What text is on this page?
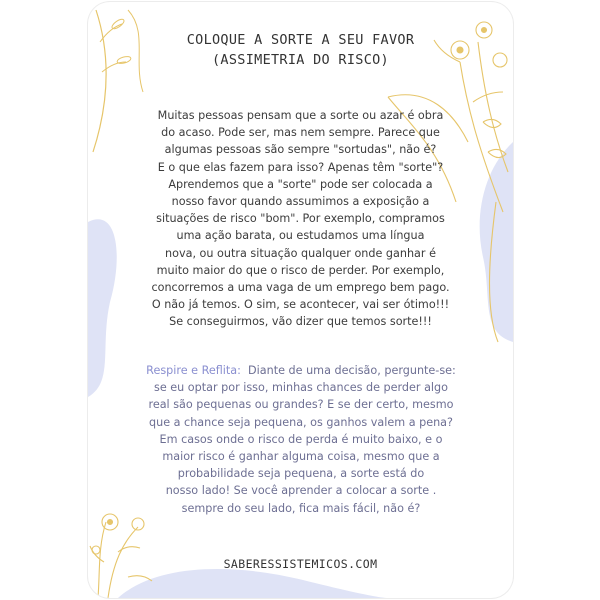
COLOQUE A SORTE A SEU FAVOR
(ASSIMETRIA DO RISCO)
Muitas pessoas pensam que a sorte ou azar é obra
do acaso. Pode ser, mas nem sempre. Parece que
algumas pessoas são sempre "sortudas", não é?
E o que elas fazem para isso? Apenas têm "sorte"?
Aprendemos que a "sorte" pode ser colocada a
nosso favor quando assumimos a exposição a
situações de risco "bom". Por exemplo, compramos
uma ação barata, ou estudamos uma língua
nova, ou outra situação qualquer onde ganhar é
muito maior do que o risco de perder. Por exemplo,
concorremos a uma vaga de um emprego bem pago.
O não já temos. O sim, se acontecer, vai ser ótimo!!!
Se conseguirmos, vão dizer que temos sorte!!!
Respire e Reflita: Diante de uma decisão, pergunte-se:
se eu optar por isso, minhas chances de perder algo
real são pequenas ou grandes? E se der certo, mesmo
que a chance seja pequena, os ganhos valem a pena?
Em casos onde o risco de perda é muito baixo, e o
maior risco é ganhar alguma coisa, mesmo que a
probabilidade seja pequena, a sorte está do
nosso lado! Se você aprender a colocar a sorte .
sempre do seu lado, fica mais fácil, não é?
SABERESSISTEMICOS.COM
